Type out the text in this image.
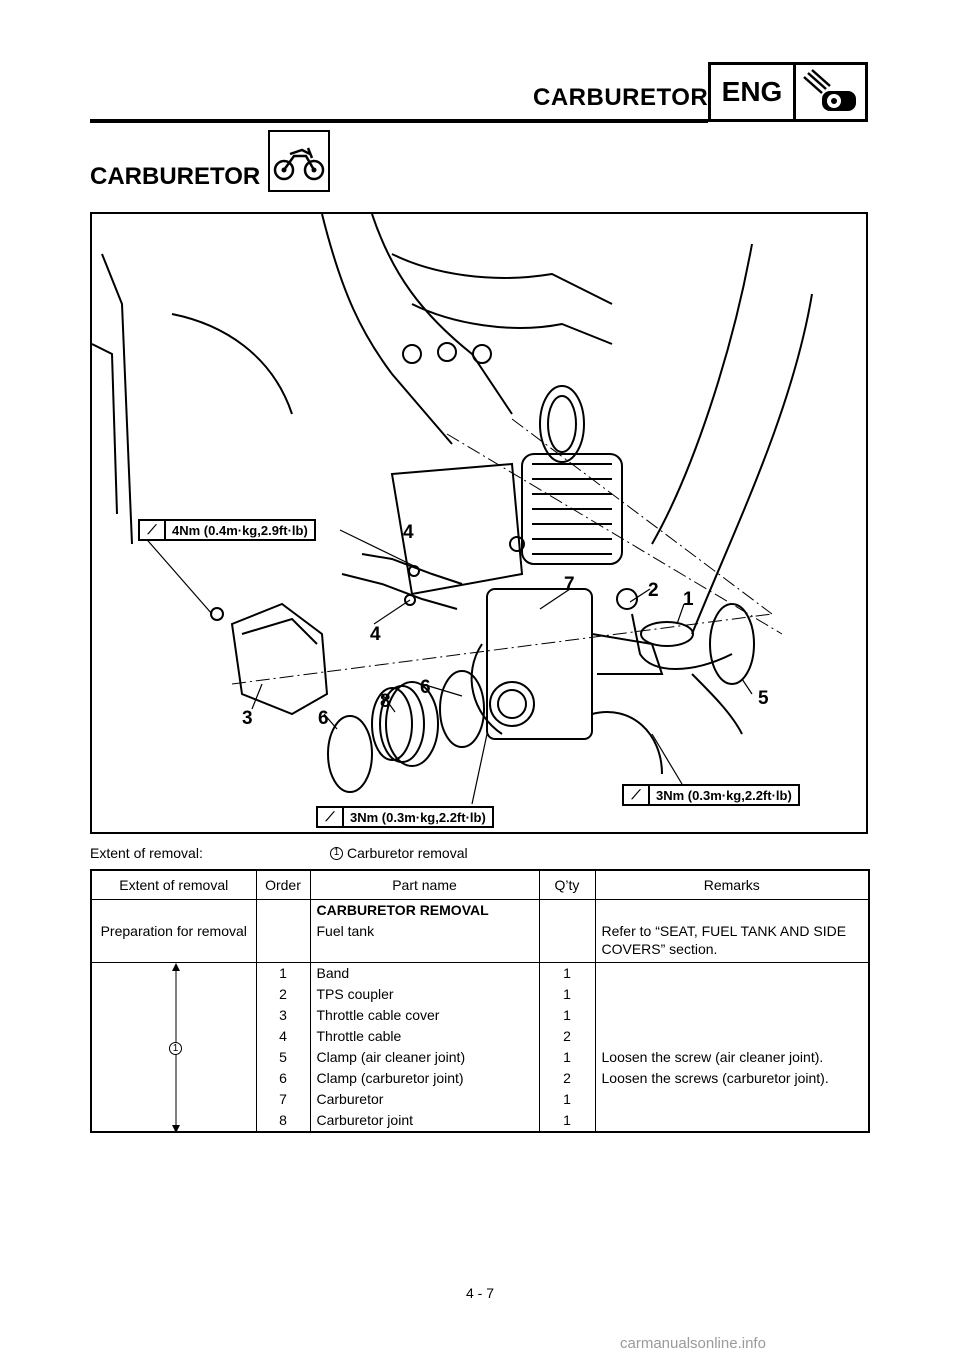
CARBURETOR ENG
CARBURETOR
⟋	4Nm (0.4m·kg,2.9ft·lb)
⟋	3Nm (0.3m·kg,2.2ft·lb)
⟋	3Nm (0.3m·kg,2.2ft·lb)
4
4
7	2 1
6
8
3	6
5
Extent of removal:	1 Carburetor removal
Extent of removal	Order	Part name	Q’ty	Remarks
		CARBURETOR REMOVAL		
Preparation for removal		Fuel tank		Refer to “SEAT, FUEL TANK AND SIDE
COVERS” section.

1	1	Band	1	
	2	TPS coupler	1	
	3	Throttle cable cover	1	
	4	Throttle cable	2	
	5	Clamp (air cleaner joint)	1	Loosen the screw (air cleaner joint).
	6	Clamp (carburetor joint)	2	Loosen the screws (carburetor joint).
	7	Carburetor	1	
	8	Carburetor joint	1	
4 - 7
carmanualsonline.info
